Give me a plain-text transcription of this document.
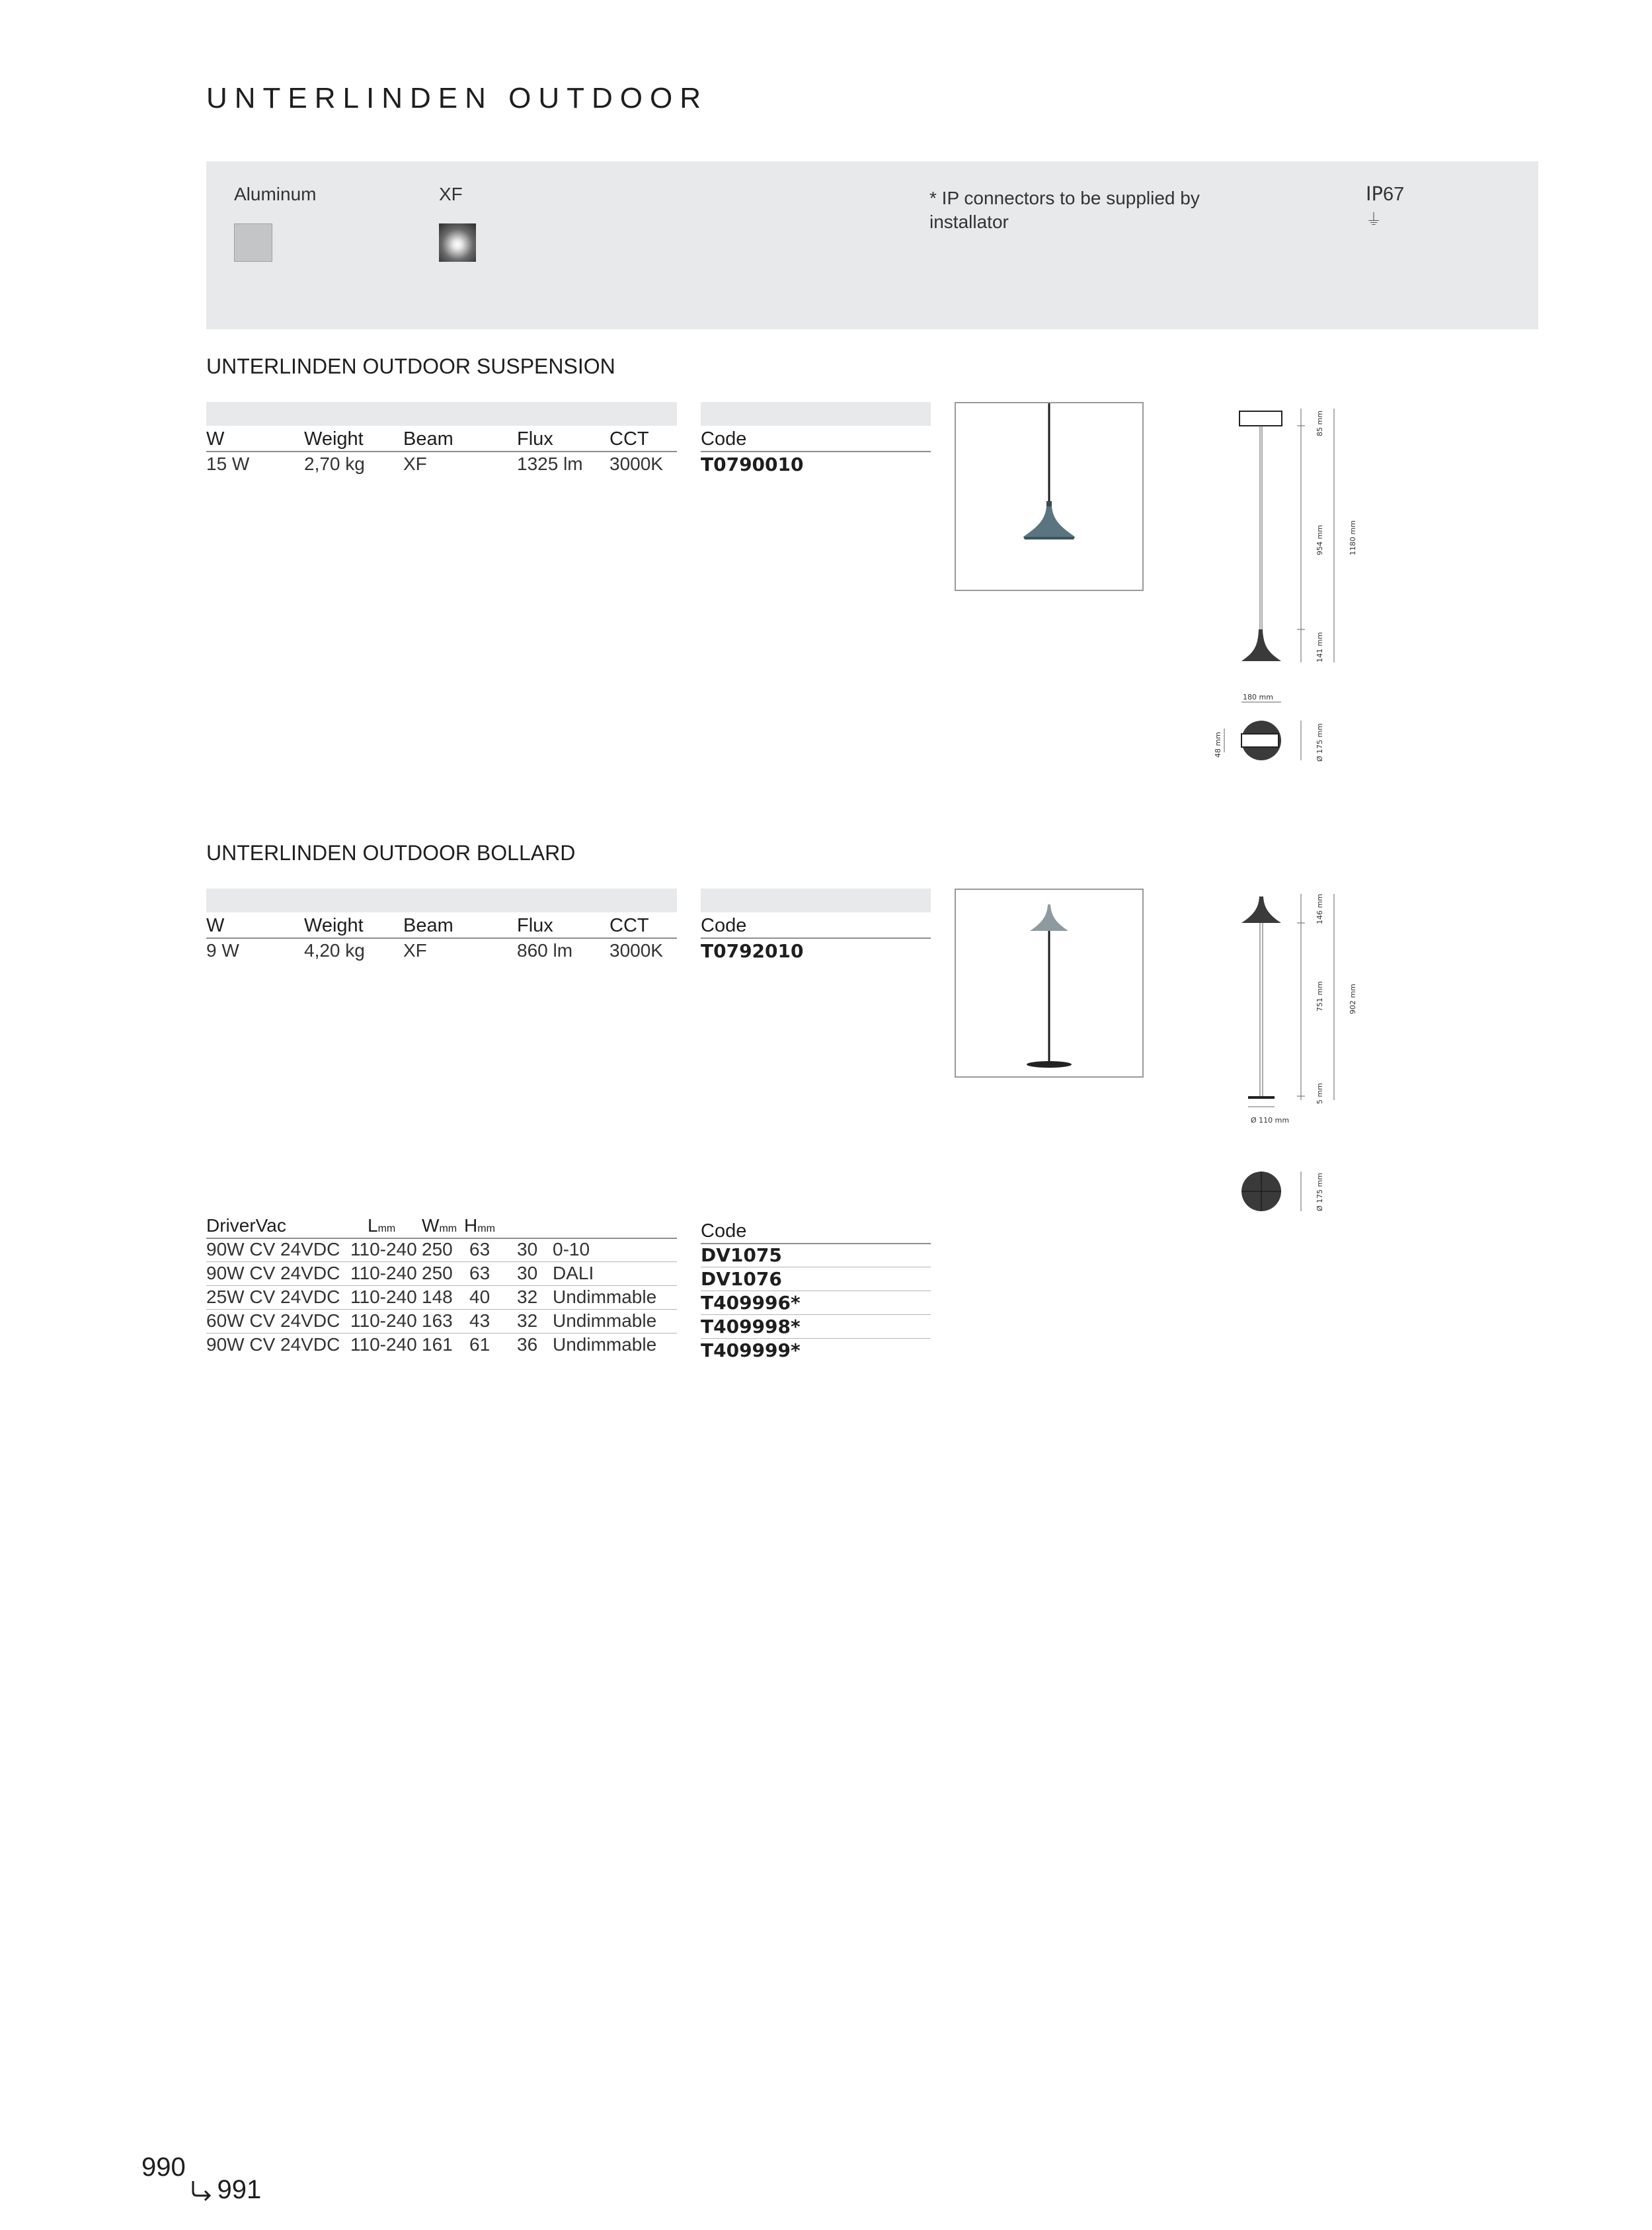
UNTERLINDEN OUTDOOR
Aluminum	XF	* IP connectors to be supplied by installator
IP67
⏚
UNTERLINDEN OUTDOOR SUSPENSION
W	Weight Beam	Flux	CCT	Code
15 W	2,70 kg XF	1325 lm 3000K T0790010
85 mm
954 mm	1180 mm
141 mm
180 mm
48 mm	Ø 175 mm
UNTERLINDEN OUTDOOR BOLLARD
W	Weight Beam	Flux	CCT	Code
9 W	4,20 kg XF	860 lm 3000K T0792010
146 mm
751 mm	902 mm
5 mm
Ø 110 mm
Ø 175 mm
DriverVac	Lmm Wmm Hmm	Code
90W CV 24VDC 110-240 250 63 30 0-10	DV1075
90W CV 24VDC 110-240 250 63 30 DALI	DV1076
25W CV 24VDC 110-240 148 40 32 Undimmable T409996*
60W CV 24VDC 110-240 163 43 32 Undimmable T409998*
90W CV 24VDC 110-240 161 61 36 Undimmable T409999*
990
991
